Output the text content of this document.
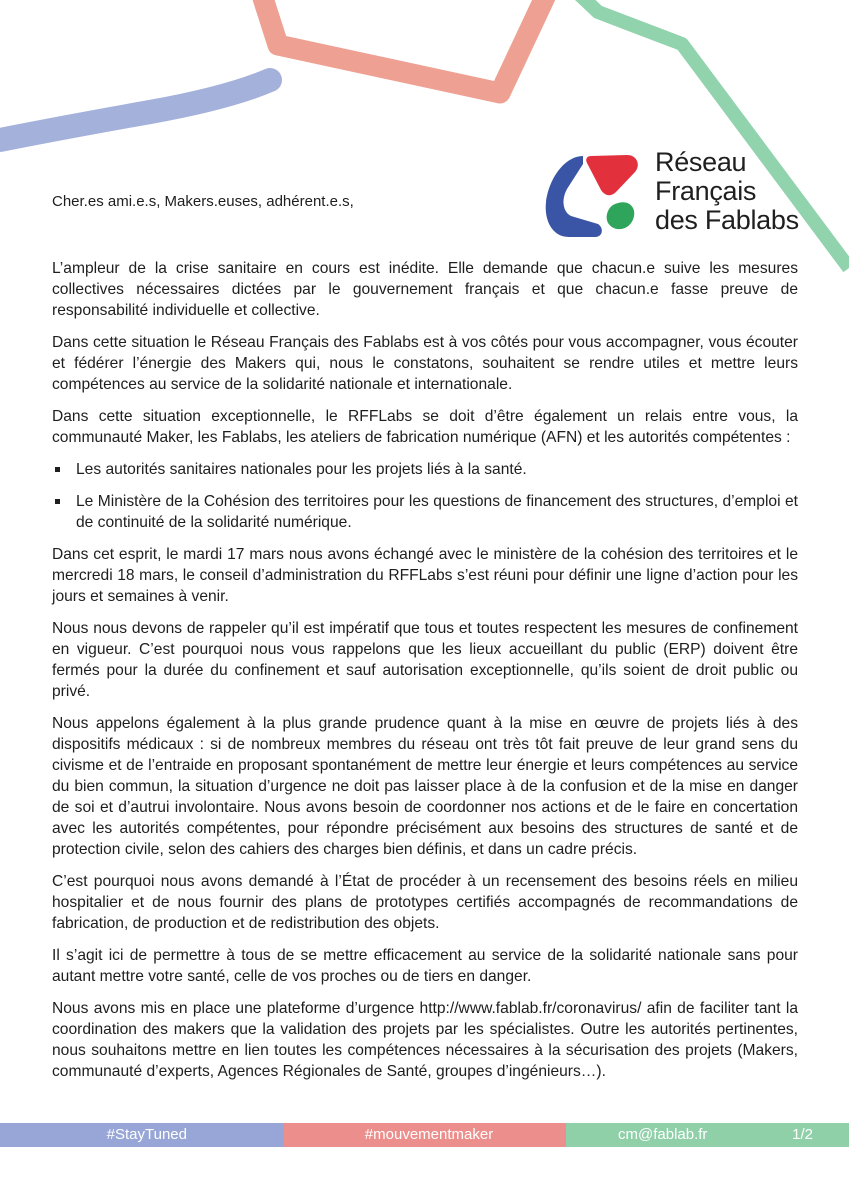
Réseau
Français
des Fablabs
Cher.es ami.e.s, Makers.euses, adhérent.e.s,

L’ampleur de la crise sanitaire en cours est inédite. Elle demande que chacun.e suive les mesures collectives nécessaires dictées par le gouvernement français et que chacun.e fasse preuve de responsabilité individuelle et collective.

Dans cette situation le Réseau Français des Fablabs est à vos côtés pour vous accompagner, vous écouter et fédérer l’énergie des Makers qui, nous le constatons, souhaitent se rendre utiles et mettre leurs compétences au service de la solidarité nationale et internationale.

Dans cette situation exceptionnelle, le RFFLabs se doit d’être également un relais entre vous, la communauté Maker, les Fablabs, les ateliers de fabrication numérique (AFN) et les autorités compétentes :

Les autorités sanitaires nationales pour les projets liés à la santé.
Le Ministère de la Cohésion des territoires pour les questions de financement des structures, d’emploi et de continuité de la solidarité numérique.

Dans cet esprit, le mardi 17 mars nous avons échangé avec le ministère de la cohésion des territoires et le mercredi 18 mars, le conseil d’administration du RFFLabs s’est réuni pour définir une ligne d’action pour les jours et semaines à venir.

Nous nous devons de rappeler qu’il est impératif que tous et toutes respectent les mesures de confinement en vigueur. C’est pourquoi nous vous rappelons que les lieux accueillant du public (ERP) doivent être fermés pour la durée du confinement et sauf autorisation exceptionnelle, qu’ils soient de droit public ou privé.

Nous appelons également à la plus grande prudence quant à la mise en œuvre de projets liés à des dispositifs médicaux : si de nombreux membres du réseau ont très tôt fait preuve de leur grand sens du civisme et de l’entraide en proposant spontanément de mettre leur énergie et leurs compétences au service du bien commun, la situation d’urgence ne doit pas laisser place à de la confusion et de la mise en danger de soi et d’autrui involontaire. Nous avons besoin de coordonner nos actions et de le faire en concertation avec les autorités compétentes, pour répondre précisément aux besoins des structures de santé et de protection civile, selon des cahiers des charges bien définis, et dans un cadre précis.

C’est pourquoi nous avons demandé à l’État de procéder à un recensement des besoins réels en milieu hospitalier et de nous fournir des plans de prototypes certifiés accompagnés de recommandations de fabrication, de production et de redistribution des objets.

Il s’agit ici de permettre à tous de se mettre efficacement au service de la solidarité nationale sans pour autant mettre votre santé, celle de vos proches ou de tiers en danger.

Nous avons mis en place une plateforme d’urgence http://www.fablab.fr/coronavirus/ afin de faciliter tant la coordination des makers que la validation des projets par les spécialistes. Outre les autorités pertinentes, nous souhaitons mettre en lien toutes les compétences nécessaires à la sécurisation des projets (Makers, communauté d’experts, Agences Régionales de Santé, groupes d’ingénieurs…).

#StayTuned	#mouvementmaker	cm@fablab.fr	1/2
